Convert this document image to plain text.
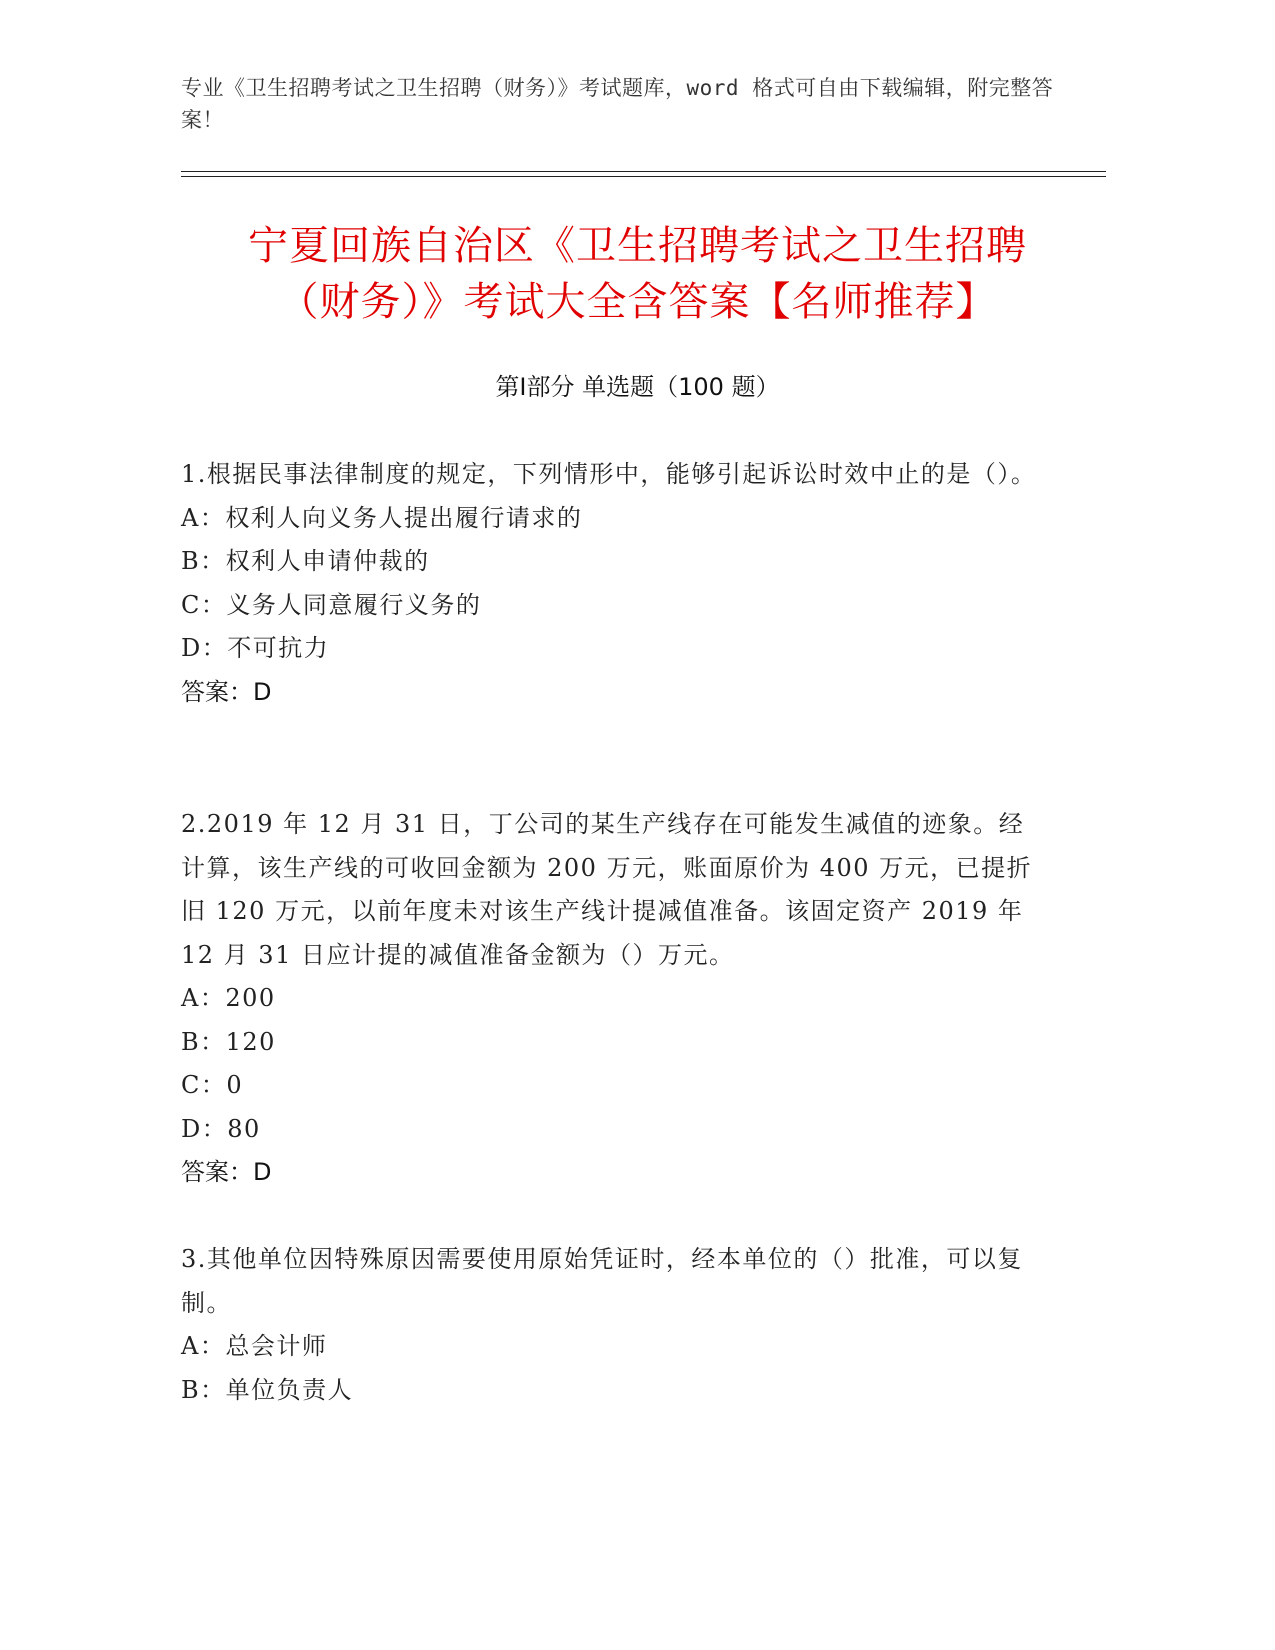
专业《卫生招聘考试之卫生招聘（财务）》考试题库，word 格式可自由下载编辑，附完整答案！
宁夏回族自治区《卫生招聘考试之卫生招聘
（财务）》考试大全含答案【名师推荐】
第Ⅰ部分 单选题（100 题）
1.根据民事法律制度的规定，下列情形中，能够引起诉讼时效中止的是（）。
A：权利人向义务人提出履行请求的
B：权利人申请仲裁的
C：义务人同意履行义务的
D：不可抗力
答案：D
2.2019 年 12 月 31 日，丁公司的某生产线存在可能发生减值的迹象。经计算，该生产线的可收回金额为 200 万元，账面原价为 400 万元，已提折旧 120 万元，以前年度未对该生产线计提减值准备。该固定资产 2019 年 12 月 31 日应计提的减值准备金额为（）万元。
A：200
B：120
C：0
D：80
答案：D
3.其他单位因特殊原因需要使用原始凭证时，经本单位的（）批准，可以复制。
A：总会计师
B：单位负责人
